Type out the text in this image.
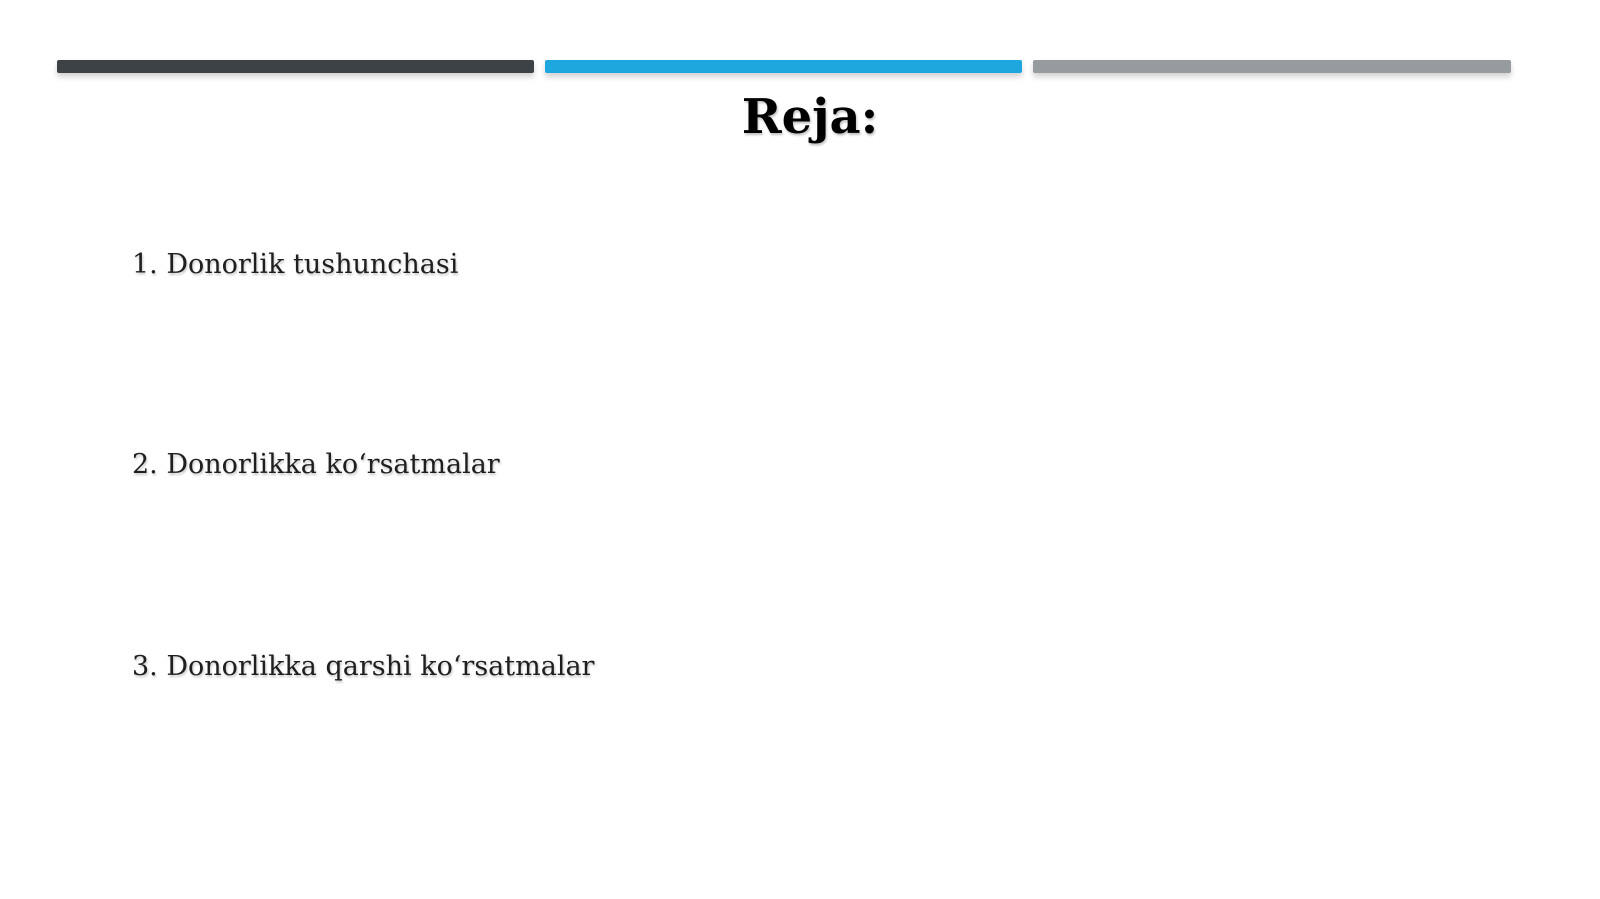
Reja:
1. Donorlik tushunchasi
2. Donorlikka ko‘rsatmalar
3. Donorlikka qarshi ko‘rsatmalar
